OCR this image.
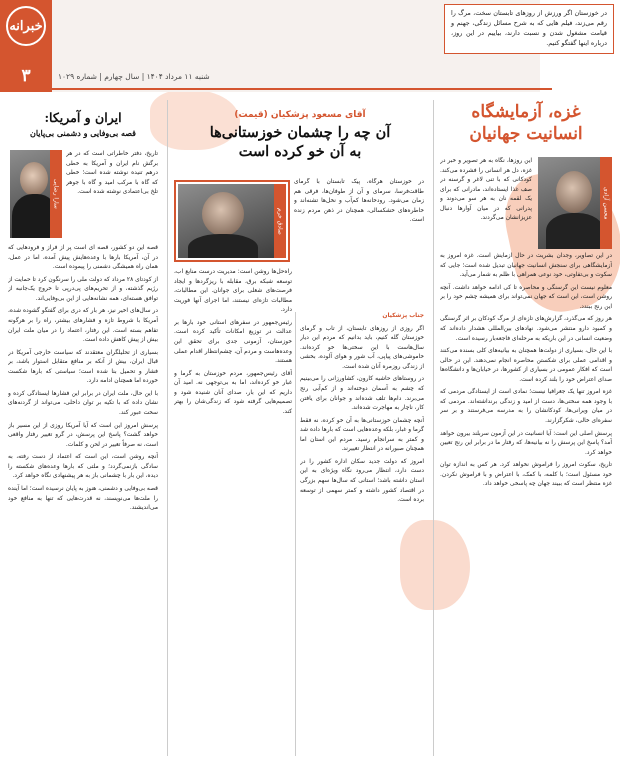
خبرانه
۳	شنبه ۱۱ مرداد ۱۴۰۴ | سال چهارم | شماره ۱۰۲۹
در خوزستان اگر ورزش از روزهای تابستان سخت، مرگ را رقم می‌زند، فیلم هایی که به شرح مسائل زندگی، جهنم و قیامت مشغول شدن و نسبت دارند، بیاییم در این روز، درباره اینها گفتگو کنیم.
غزه، آزمایشگاه
انسانیت جهانیان
محسن آزادی

این روزها، نگاه به هر تصویر و خبر در غزه، دل هر انسانی را فشرده می‌کند. کودکانی که با تنی لاغر و گرسنه در صف غذا ایستاده‌اند، مادرانی که برای یک لقمه نان به هر سو می‌دوند و پدرانی که در میان آوارها دنبال عزیزانشان می‌گردند.

در این تصاویر، وجدان بشریت در حال آزمایش است. غزه امروز به آزمایشگاهی برای سنجش انسانیت جهانیان تبدیل شده است؛ جایی که سکوت و بی‌تفاوتی، خود نوعی همراهی با ظلم به شمار می‌آید.

معلوم نیست این گرسنگی و محاصره تا کی ادامه خواهد داشت. آنچه روشن است، این است که جهان نمی‌تواند برای همیشه چشم خود را بر این رنج ببندد.

هر روز که می‌گذرد، گزارش‌های تازه‌ای از مرگ کودکان بر اثر گرسنگی و کمبود دارو منتشر می‌شود. نهادهای بین‌المللی هشدار داده‌اند که وضعیت انسانی در این باریکه به مرحله‌ای فاجعه‌بار رسیده است.

با این حال، بسیاری از دولت‌ها همچنان به بیانیه‌های کلی بسنده می‌کنند و اقدامی عملی برای شکستن محاصره انجام نمی‌دهند. این در حالی است که افکار عمومی در بسیاری از کشورها، در خیابان‌ها و دانشگاه‌ها صدای اعتراض خود را بلند کرده است.

غزه امروز تنها یک جغرافیا نیست؛ نمادی است از ایستادگی مردمی که با وجود همه سختی‌ها، دست از امید و زندگی برنداشته‌اند. مردمی که در میان ویرانی‌ها، کودکانشان را به مدرسه می‌فرستند و بر سر سفره‌ای خالی، شکرگزارند.

پرسش اصلی این است: آیا انسانیت در این آزمون سربلند بیرون خواهد آمد؟ پاسخ این پرسش را نه بیانیه‌ها، که رفتار ما در برابر این رنج تعیین خواهد کرد.

تاریخ، سکوت امروز را فراموش نخواهد کرد. هر کس به اندازه توان خود مسئول است؛ با کلمه، با کمک، با اعتراض و با فراموش نکردن. غزه منتظر است که ببیند جهان چه پاسخی خواهد داد.

آقای مسعود پزشکیان (قیمت)
آن چه را چشمان خوزستانی‌ها
به آن خو کرده است

در خوزستان هرگاه، پیک تابستان با گرمای طاقت‌فرسا، سرمای و آن از طوفان‌ها، فرقی هم زمان می‌شود. رودخانه‌ها کم‌آب و نخل‌ها تشنه‌اند و خاطره‌های خشکسالی، همچنان در ذهن مردم زنده است.

صادق خرم

جناب پزشکیان

اگر روزی از روزهای تابستان، از تاب و گرمای خوزستان گله کنیم، باید بدانیم که مردم این دیار سال‌هاست با این سختی‌ها خو کرده‌اند. خاموشی‌های پیاپی، آب شور و هوای آلوده، بخشی از زندگی روزمره آنان شده است.

در روستاهای حاشیه کارون، کشاورزانی را می‌بینیم که چشم به آسمان دوخته‌اند و از کم‌آبی رنج می‌برند. دام‌ها تلف شده‌اند و جوانان برای یافتن کار، ناچار به مهاجرت شده‌اند.

آنچه چشمان خوزستانی‌ها به آن خو کرده، نه فقط گرما و غبار، بلکه وعده‌هایی است که بارها داده شد و کمتر به سرانجام رسید. مردم این استان اما همچنان صبورانه در انتظار تغییرند.

امروز که دولت جدید سکان اداره کشور را در دست دارد، انتظار می‌رود نگاه ویژه‌ای به این استان داشته باشد؛ استانی که سال‌ها سهم بزرگی در اقتصاد کشور داشته و کمتر سهمی از توسعه برده است.

راه‌حل‌ها روشن است: مدیریت درست منابع آب، توسعه شبکه برق، مقابله با ریزگردها و ایجاد فرصت‌های شغلی برای جوانان. این مطالبات، مطالبات تازه‌ای نیستند، اما اجرای آنها فوریت دارد.

رئیس‌جمهور در سفرهای استانی خود بارها بر عدالت در توزیع امکانات تأکید کرده است. خوزستان، آزمونی جدی برای تحقق این وعده‌هاست و مردم آن، چشم‌انتظار اقدام عملی هستند.

آقای رئیس‌جمهور، مردم خوزستان به گرما و غبار خو کرده‌اند، اما به بی‌توجهی نه. امید آن داریم که این بار، صدای آنان شنیده شود و تصمیم‌هایی گرفته شود که زندگی‌شان را بهتر کند.

ایران و آمریکا:
قصه بی‌وفایی و دشمنی بی‌پایان
سارا رضایی

تاریخ، دفتر خاطراتی است که در هر برگش نام ایران و آمریکا به خطی درهم تنیده نوشته شده است؛ خطی که گاه با مرکب امید و گاه با جوهر تلخ بی‌اعتمادی نوشته شده است.

قصه این دو کشور، قصه ای است پر از فراز و فرودهایی که در آن، آمریکا بارها با وعده‌هایش پیش آمده، اما در عمل، همان راه همیشگی دشمنی را پیموده است.

از کودتای ۲۸ مرداد که دولت ملی را سرنگون کرد تا حمایت از رژیم گذشته، و از تحریم‌های پی‌درپی تا خروج یک‌جانبه از توافق هسته‌ای، همه نشانه‌هایی از این بی‌وفایی‌اند.

در سال‌های اخیر نیز، هر بار که دری برای گفتگو گشوده شده، آمریکا با شروط تازه و فشارهای بیشتر، راه را بر هرگونه تفاهم بسته است. این رفتار، اعتماد را در میان ملت ایران بیش از پیش کاهش داده است.

بسیاری از تحلیلگران معتقدند که سیاست خارجی آمریکا در قبال ایران، بیش از آنکه بر منافع متقابل استوار باشد، بر فشار و تحمیل بنا شده است؛ سیاستی که بارها شکست خورده اما همچنان ادامه دارد.

با این حال، ملت ایران در برابر این فشارها ایستادگی کرده و نشان داده که با تکیه بر توان داخلی، می‌تواند از گردنه‌های سخت عبور کند.

پرسش امروز این است که آیا آمریکا روزی از این مسیر باز خواهد گشت؟ پاسخ این پرسش، در گرو تغییر رفتار واقعی است، نه صرفاً تغییر در لحن و کلمات.

آنچه روشن است، این است که اعتماد از دست رفته، به سادگی بازنمی‌گردد؛ و ملتی که بارها وعده‌های شکسته را دیده، این بار با چشمانی باز به هر پیشنهادی نگاه خواهد کرد.

قصه بی‌وفایی و دشمنی، هنوز به پایان نرسیده است؛ اما آینده را ملت‌ها می‌نویسند، نه قدرت‌هایی که تنها به منافع خود می‌اندیشند.
